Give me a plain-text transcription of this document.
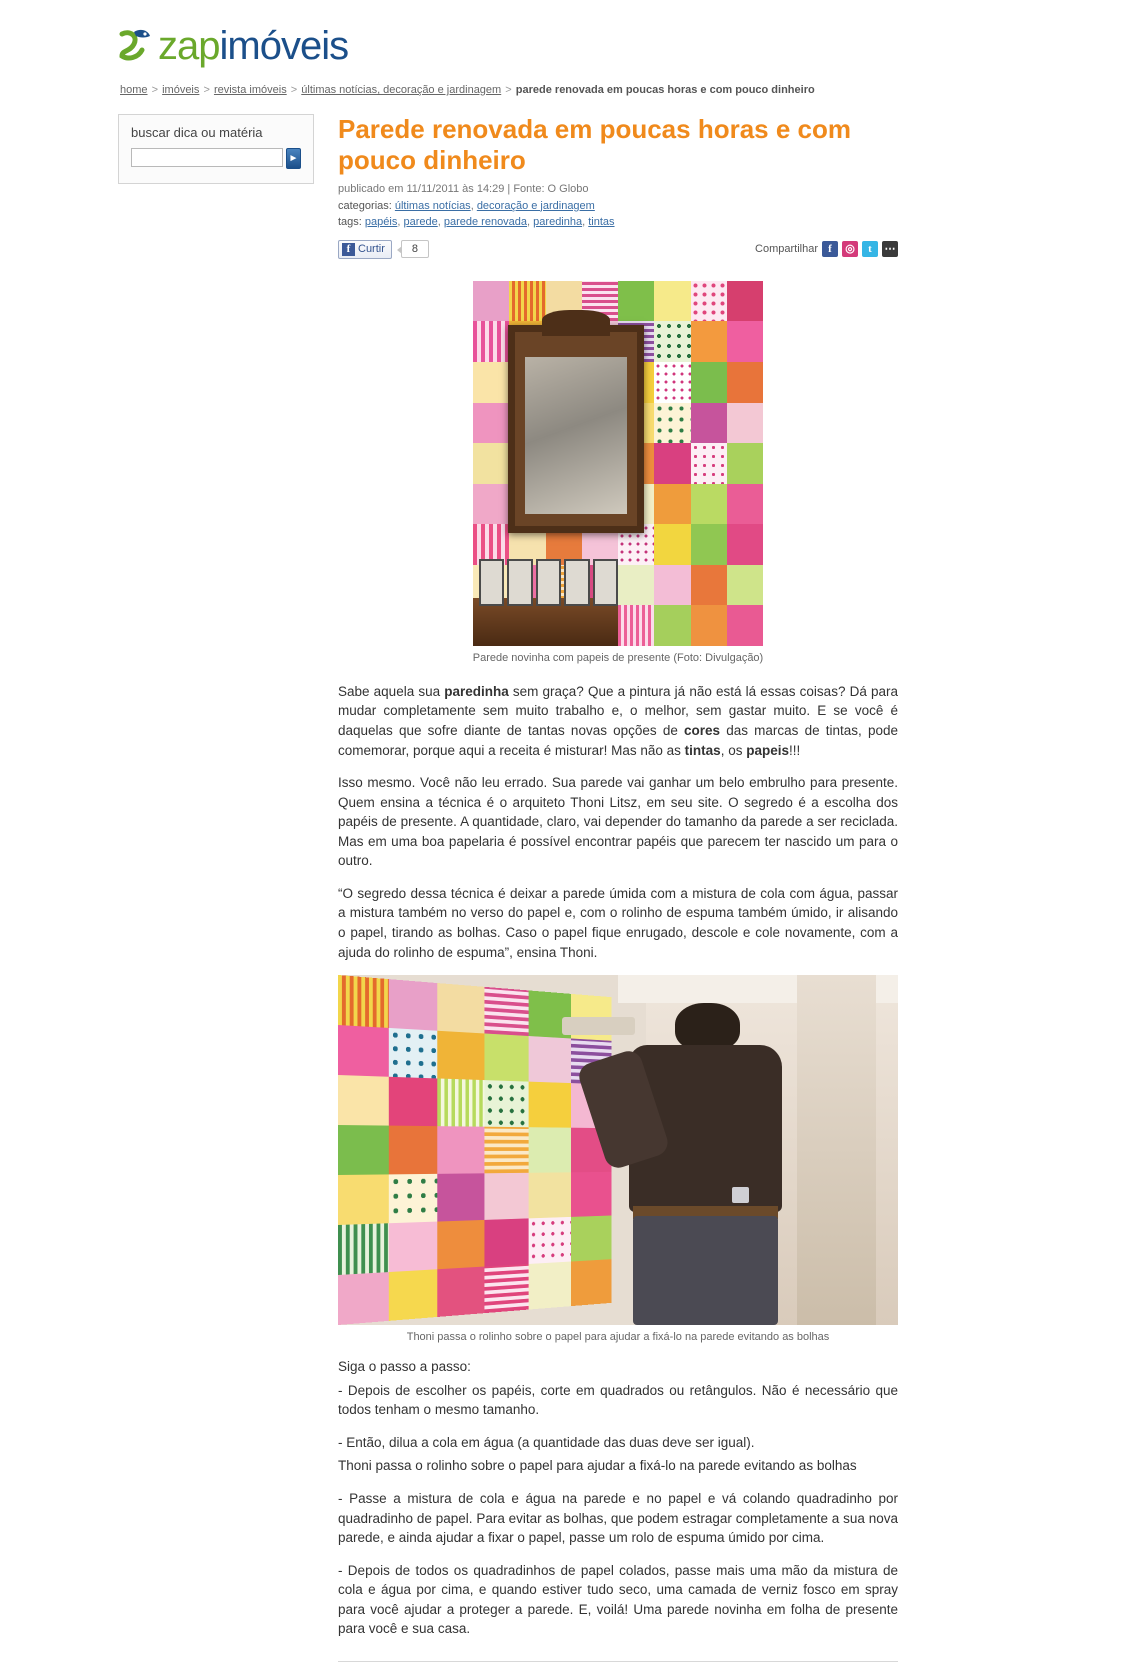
zapimóveis
home > imóveis > revista imóveis > últimas notícias, decoração e jardinagem > parede renovada em poucas horas e com pouco dinheiro
buscar dica ou matéria
►
Parede renovada em poucas horas e com pouco dinheiro
publicado em 11/11/2011 às 14:29 | Fonte: O Globo
categorias: últimas notícias, decoração e jardinagem
tags: papéis, parede, parede renovada, paredinha, tintas
f Curtir	8	Compartilhar f	◎	t	⋯
Parede novinha com papeis de presente (Foto: Divulgação)

Sabe aquela sua paredinha sem graça? Que a pintura já não está lá essas coisas? Dá para mudar completamente sem muito trabalho e, o melhor, sem gastar muito. E se você é daquelas que sofre diante de tantas novas opções de cores das marcas de tintas, pode comemorar, porque aqui a receita é misturar! Mas não as tintas, os papeis!!!

Isso mesmo. Você não leu errado. Sua parede vai ganhar um belo embrulho para presente. Quem ensina a técnica é o arquiteto Thoni Litsz, em seu site. O segredo é a escolha dos papéis de presente. A quantidade, claro, vai depender do tamanho da parede a ser reciclada. Mas em uma boa papelaria é possível encontrar papéis que parecem ter nascido um para o outro.

“O segredo dessa técnica é deixar a parede úmida com a mistura de cola com água, passar a mistura também no verso do papel e, com o rolinho de espuma também úmido, ir alisando o papel, tirando as bolhas. Caso o papel fique enrugado, descole e cole novamente, com a ajuda do rolinho de espuma”, ensina Thoni.

Thoni passa o rolinho sobre o papel para ajudar a fixá-lo na parede evitando as bolhas

Siga o passo a passo:

- Depois de escolher os papéis, corte em quadrados ou retângulos. Não é necessário que todos tenham o mesmo tamanho.

- Então, dilua a cola em água (a quantidade das duas deve ser igual).

Thoni passa o rolinho sobre o papel para ajudar a fixá-lo na parede evitando as bolhas

- Passe a mistura de cola e água na parede e no papel e vá colando quadradinho por quadradinho de papel. Para evitar as bolhas, que podem estragar completamente a sua nova parede, e ainda ajudar a fixar o papel, passe um rolo de espuma úmido por cima.

- Depois de todos os quadradinhos de papel colados, passe mais uma mão da mistura de cola e água por cima, e quando estiver tudo seco, uma camada de verniz fosco em spray para você ajudar a proteger a parede. E, voilá! Uma parede novinha em folha de presente para você e sua casa.
